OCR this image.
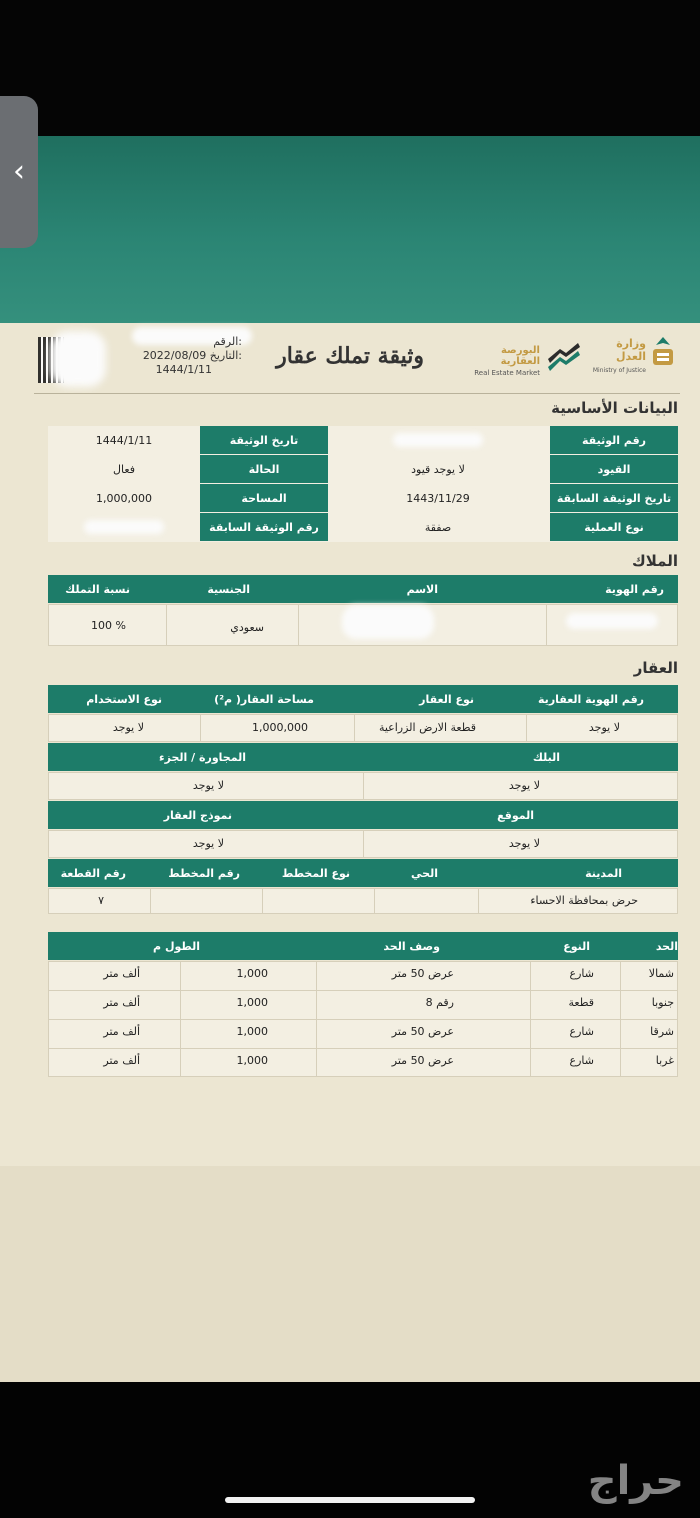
‹
الرقم:
2022/08/09 التاريخ:
1444/1/11
وثيقة تملك عقار	البورصة العقارية
Real Estate Market
وزارة العدل
Ministry of Justice
البيانات الأساسية
رقم الوثيقة
تاريخ الوثيقة
1444/1/11
القيود
لا يوجد قيود
الحالة
فعال
تاريخ الوثيقة السابقة
1443/11/29
المساحة
1,000,000
نوع العملية
صفقة
رقم الوثيقة السابقة
الملاك
رقم الهوية
الاسم
الجنسية
نسبة التملك
سعودي
% 100
العقار
رقم الهوية العقارية
نوع العقار
مساحة العقار( م²)
نوع الاستخدام
لا يوجد
قطعة الارض الزراعية
1,000,000
لا يوجد
البلك
المجاورة / الجزء
لا يوجد
لا يوجد
الموقع
نموذج العقار
لا يوجد
لا يوجد
المدينة
الحي
نوع المخطط
رقم المخطط
رقم القطعة
حرض بمحافظة الاحساء
٧
الحد
النوع
وصف الحد
الطول م
شمالا
شارع
عرض 50 متر
1,000
ألف متر
جنوبا
قطعة
رقم 8
1,000
ألف متر
شرقا
شارع
عرض 50 متر
1,000
ألف متر
غربا
شارع
عرض 50 متر
1,000
ألف متر
حراج
